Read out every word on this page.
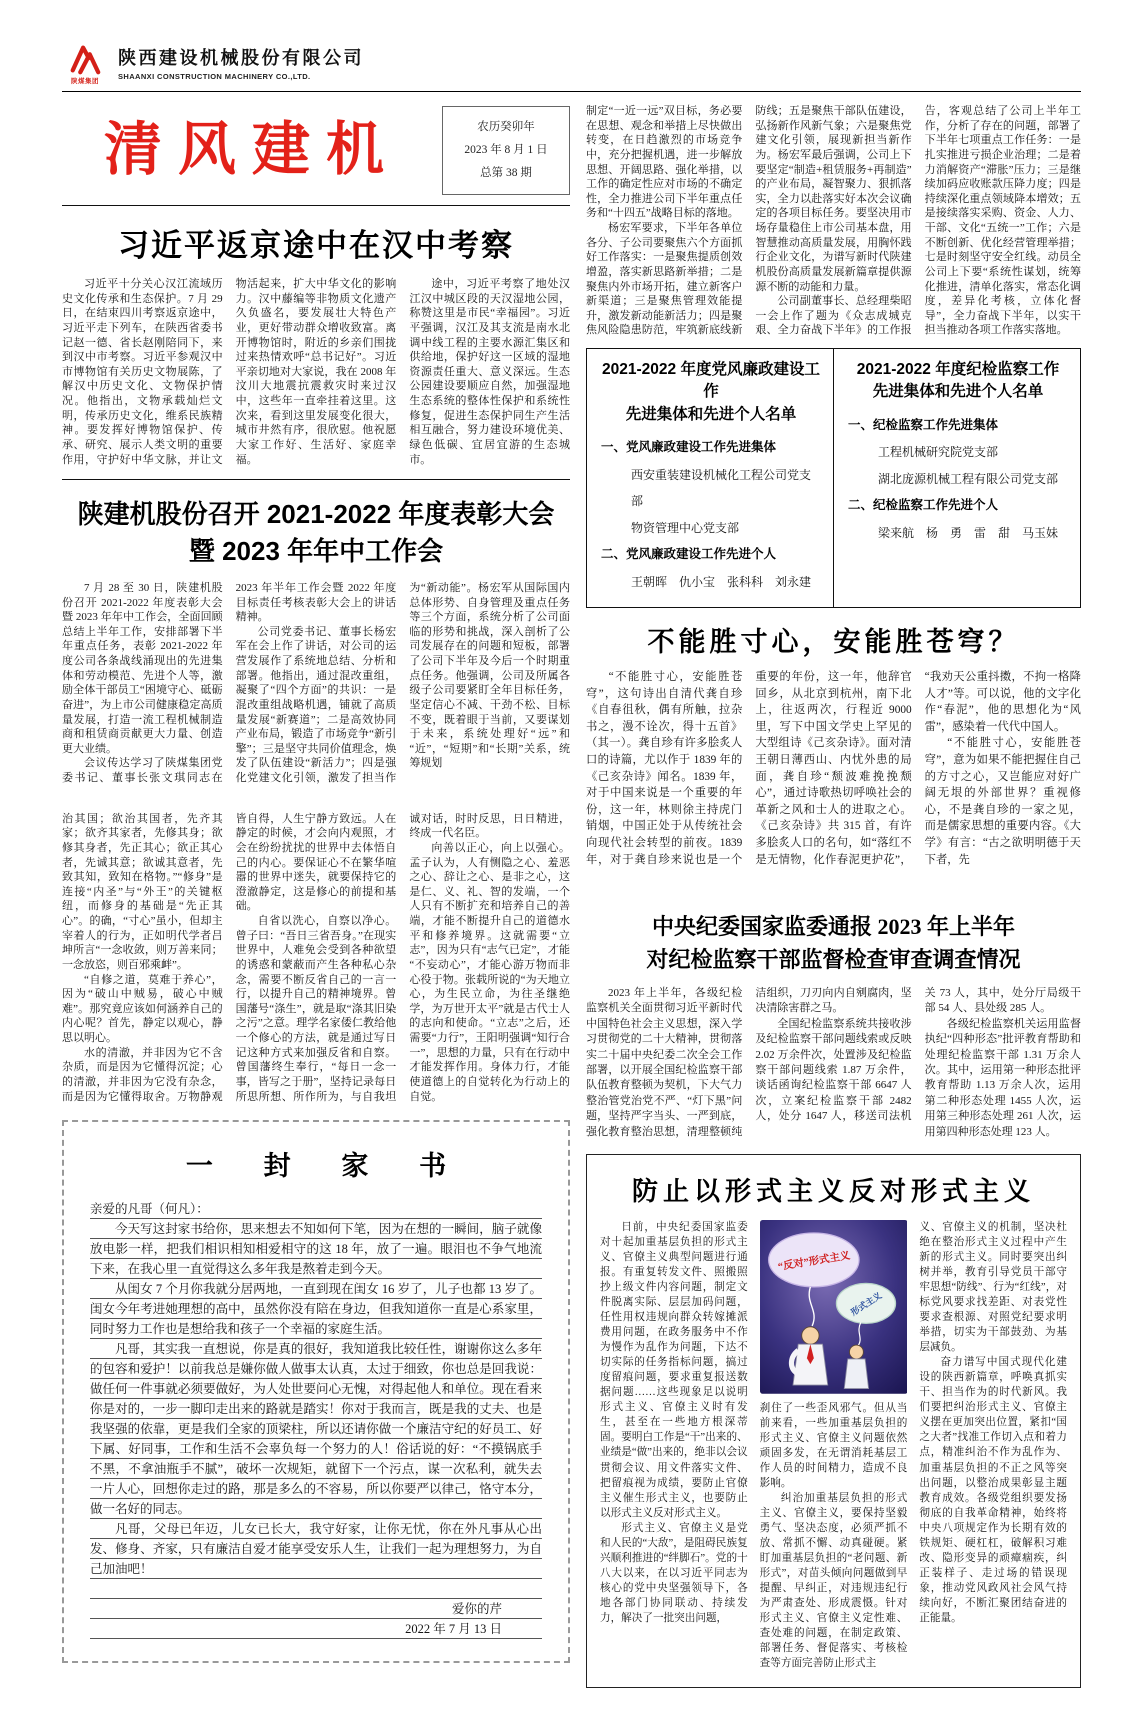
陕煤集团
陕西建设机械股份有限公司
SHAANXI CONSTRUCTION MACHINERY CO.,LTD.
清风建机	农历癸卯年
2023 年 8 月 1 日
总第 38 期
习近平返京途中在汉中考察

习近平十分关心汉江流域历史文化传承和生态保护。7 月 29 日，在结束四川考察返京途中，习近平走下列车，在陕西省委书记赵一德、省长赵刚陪同下，来到汉中市考察。习近平参观汉中市博物馆有关历史文物展陈，了解汉中历史文化、文物保护情况。他指出，文物承载灿烂文明，传承历史文化，维系民族精神。要发挥好博物馆保护、传承、研究、展示人类文明的重要作用，守护好中华文脉，并让文物活起来，扩大中华文化的影响力。汉中藤编等非物质文化遗产久负盛名，要发展壮大特色产业，更好带动群众增收致富。离开博物馆时，附近的乡亲们围拢过来热情欢呼“总书记好”。习近平亲切地对大家说，我在 2008 年汶川大地震抗震救灾时来过汉中，这些年一直牵挂着这里。这次来，看到这里发展变化很大，城市井然有序，很欣慰。他祝愿大家工作好、生活好、家庭幸福。

途中，习近平考察了地处汉江汉中城区段的天汉湿地公园，称赞这里是市民“幸福园”。习近平强调，汉江及其支流是南水北调中线工程的主要水源汇集区和供给地，保护好这一区域的湿地资源责任重大、意义深远。生态公园建设要顺应自然，加强湿地生态系统的整体性保护和系统性修复，促进生态保护同生产生活相互融合，努力建设环境优美、绿色低碳、宜居宜游的生态城市。

陕建机股份召开 2021-2022 年度表彰大会
暨 2023 年年中工作会

7 月 28 至 30 日，陕建机股份召开 2021-2022 年度表彰大会暨 2023 年年中工作会，全面回顾总结上半年工作，安排部署下半年重点任务，表彰 2021-2022 年度公司各条战线涌现出的先进集体和劳动模范、先进个人等，激励全体干部员工“困境守心、砥砺奋进”，为上市公司健康稳定高质量发展，打造一流工程机械制造商和租赁商贡献更大力量、创造更大业绩。

会议传达学习了陕煤集团党委书记、董事长张文琪同志在 2023 年半年工作会暨 2022 年度目标责任考核表彰大会上的讲话精神。

公司党委书记、董事长杨宏军在会上作了讲话，对公司的运营发展作了系统地总结、分析和部署。他指出，通过混改重组，凝聚了“四个方面”的共识：一是混改重组战略机遇，铺就了高质量发展“新赛道”；二是高效协同产业布局，锻造了市场竞争“新引擎”；三是坚守共同价值理念，焕发了队伍建设“新活力”；四是强化党建文化引领，激发了担当作为“新动能”。杨宏军从国际国内总体形势、自身管理及重点任务等三个方面，系统分析了公司面临的形势和挑战，深入剖析了公司发展存在的问题和短板，部署了公司下半年及今后一个时期重点任务。他强调，公司及所属各级子公司要紧盯全年目标任务，坚定信心不减、干劲不松、目标不变，既着眼于当前，又要谋划于未来，系统处理好“远”和“近”，“短期”和“长期”关系，统筹规划

治其国；欲治其国者，先齐其家；欲齐其家者，先修其身；欲修其身者，先正其心；欲正其心者，先诚其意；欲诚其意者，先致其知，致知在格物。”“修身”是连接“内圣”与“外王”的关键枢纽，而修身的基础是“先正其心”。的确，“寸心”虽小，但却主宰着人的行为，正如明代学者吕坤所言“一念收敛，则万善来同；一念放恣，则百邪乘衅”。

“自修之道，莫难于养心”，因为“破山中贼易，破心中贼难”。那究竟应该如何涵养自己的内心呢？首先，静定以观心，静思以明心。

水的清澈，并非因为它不含杂质，而是因为它懂得沉淀；心的清澈，并非因为它没有杂念，而是因为它懂得取舍。万物静观皆自得，人生宁静方致远。人在静定的时候，才会向内观照，才会在纷纷扰扰的世界中去体悟自己的内心。要保证心不在繁华喧嚣的世界中迷失，就要保持它的澄澈静定，这是修心的前提和基础。

自省以洗心，自察以净心。曾子曰：“吾日三省吾身。”在现实世界中，人难免会受到各种欲望的诱惑和蒙蔽而产生各种私心杂念，需要不断反省自己的一言一行，以提升自己的精神境界。曾国藩号“涤生”，就是取“涤其旧染之污”之意。理学名家倭仁教给他一个修心的方法，就是通过写日记这种方式来加强反省和自察。曾国藩终生奉行，“每日一念一事，皆写之于册”，坚持记录每日所思所想、所作所为，与自我坦诚对话，时时反思，日日精进，终成一代名臣。

向善以正心，向上以强心。孟子认为，人有恻隐之心、羞恶之心、辞让之心、是非之心，这是仁、义、礼、智的发端，一个人只有不断扩充和培养自己的善端，才能不断提升自己的道德水平和修养境界。这就需要“立志”，因为只有“志气已定”，才能“不妄动心”，才能心游万物而非心役于物。张载所说的“为天地立心，为生民立命，为往圣继绝学，为万世开太平”就是古代士人的志向和使命。“立志”之后，还需要“力行”，王阳明强调“知行合一”，思想的力量，只有在行动中才能发挥作用。身体力行，才能使道德上的自觉转化为行动上的自觉。

一 封 家 书

亲爱的凡哥（何凡）：

今天写这封家书给你，思来想去不知如何下笔，因为在想的一瞬间，脑子就像放电影一样，把我们相识相知相爱相守的这 18 年，放了一遍。眼泪也不争气地流下来，在我心里一直觉得这么多年我是熬着走到今天。

从闺女 7 个月你我就分居两地，一直到现在闺女 16 岁了，儿子也都 13 岁了。闺女今年考进她理想的高中，虽然你没有陪在身边，但我知道你一直是心系家里，同时努力工作也是想给我和孩子一个幸福的家庭生活。

凡哥，其实我一直想说，你是真的很好，我知道我比较任性，谢谢你这么多年的包容和爱护！以前我总是嫌你做人做事太认真，太过于细致，你也总是回我说：做任何一件事就必须要做好，为人处世要问心无愧，对得起他人和单位。现在看来你是对的，一步一脚印走出来的路就是踏实！你对于我而言，既是我的丈夫、也是我坚强的依靠，更是我们全家的顶梁柱，所以还请你做一个廉洁守纪的好员工、好下属、好同事，工作和生活不会辜负每一个努力的人！俗话说的好：“不摸锅底手不黑，不拿油瓶手不腻”，破坏一次规矩，就留下一个污点，谋一次私利，就失去一片人心，回想你走过的路，那是多么的不容易，所以你要严以律己，恪守本分，做一名好的同志。

凡哥，父母已年迈，儿女已长大，我守好家，让你无忧，你在外凡事从心出发、修身、齐家，只有廉洁自爱才能享受安乐人生，让我们一起为理想努力，为自己加油吧！

爱你的芹

2022 年 7 月 13 日

制定“一近一远”双目标，务必要在思想、观念和举措上尽快做出转变，在日趋激烈的市场竞争中，充分把握机遇，进一步解放思想、开阔思路、强化举措，以工作的确定性应对市场的不确定性，全力推进公司下半年重点任务和“十四五”战略目标的落地。

杨宏军要求，下半年各单位各分、子公司要聚焦六个方面抓好工作落实：一是聚焦提质创效增盈，落实新思路新举措；二是聚焦内外市场开拓，建立新客户新渠道；三是聚焦管理效能提升，激发新动能新活力；四是聚焦风险隐患防范，牢筑新底线新防线；五是聚焦干部队伍建设，弘扬新作风新气象；六是聚焦党建文化引领，展现新担当新作为。杨宏军最后强调，公司上下要坚定“制造+租赁服务+再制造”的产业布局，凝智聚力、狠抓落实，全力以赴落实好本次会议确定的各项目标任务。要坚决用市场存量稳住上市公司基本盘，用智慧推动高质量发展，用胸怀践行企业文化，为谱写新时代陕建机股份高质量发展新篇章提供源源不断的动能和力量。

公司副董事长、总经理柴昭一会上作了题为《众志成城克艰、全力奋战下半年》的工作报告，客观总结了公司上半年工作，分析了存在的问题，部署了下半年七项重点工作任务：一是扎实推进亏损企业治理；二是着力消解资产“滞胀”压力；三是继续加码应收账款压降力度；四是持续深化重点领域降本增效；五是接续落实采购、资金、人力、干部、文化“五统一”工作；六是不断创新、优化经营管理举措；七是时刻坚守安全红线。动员全公司上下要“系统性谋划，统筹化推进，清单化落实，常态化调度，差异化考核，立体化督导”，全力奋战下半年，以实干担当推动各项工作落实落地。

2021-2022 年度党风廉政建设工作
先进集体和先进个人名单
一、党风廉政建设工作先进集体
西安重装建设机械化工程公司党支部
物资管理中心党支部
二、党风廉政建设工作先进个人
王朝晖　仇小宝　张科科　刘永建
2021-2022 年度纪检监察工作
先进集体和先进个人名单
一、纪检监察工作先进集体
工程机械研究院党支部
湖北庞源机械工程有限公司党支部
二、纪检监察工作先进个人
梁来航　杨　勇　雷　甜　马玉妹
不能胜寸心，安能胜苍穹？

“不能胜寸心，安能胜苍穹”，这句诗出自清代龚自珍《自春徂秋，偶有所触，拉杂书之，漫不诠次，得十五首》（其一）。龚自珍有许多脍炙人口的诗篇，尤以作于 1839 年的《己亥杂诗》闻名。1839 年，对于中国来说是一个重要的年份，这一年，林则徐主持虎门销烟，中国正处于从传统社会向现代社会转型的前夜。1839 年，对于龚自珍来说也是一个重要的年份，这一年，他辞官回乡，从北京到杭州，南下北上，往返两次，行程近 9000 里，写下中国文学史上罕见的大型组诗《己亥杂诗》。面对清王朝日薄西山、内忧外患的局面，龚自珍“颓波难挽挽颓心”，通过诗歌热切呼唤社会的革新之风和士人的进取之心。《己亥杂诗》共 315 首，有许多脍炙人口的名句，如“落红不是无情物，化作春泥更护花”，“我劝天公重抖擞，不拘一格降人才”等。可以说，他的文字化作“春泥”，他的思想化为“风雷”，感染着一代代中国人。

“不能胜寸心，安能胜苍穹”，意为如果不能把握住自己的方寸之心，又岂能应对好广阔无垠的外部世界？重视修心，不是龚自珍的一家之见，而是儒家思想的重要内容。《大学》有言：“古之欲明明德于天下者，先

中央纪委国家监委通报 2023 年上半年
对纪检监察干部监督检查审查调查情况

2023 年上半年，各级纪检监察机关全面贯彻习近平新时代中国特色社会主义思想，深入学习贯彻党的二十大精神，贯彻落实二十届中央纪委二次全会工作部署，以开展全国纪检监察干部队伍教育整顿为契机，下大气力整治管党治党不严、“灯下黑”问题，坚持严字当头、一严到底，强化教育整治思想，清理整顿纯洁组织，刀刃向内自剜腐肉，坚决清除害群之马。

全国纪检监察系统共接收涉及纪检监察干部问题线索或反映 2.02 万余件次，处置涉及纪检监察干部问题线索 1.87 万余件，谈话函询纪检监察干部 6647 人次，立案纪检监察干部 2482 人，处分 1647 人，移送司法机关 73 人，其中，处分厅局级干部 54 人、县处级 285 人。

各级纪检监察机关运用监督执纪“四种形态”批评教育帮助和处理纪检监察干部 1.31 万余人次。其中，运用第一种形态批评教育帮助 1.13 万余人次，运用第二种形态处理 1455 人次，运用第三种形态处理 261 人次，运用第四种形态处理 123 人。

防止以形式主义反对形式主义

日前，中央纪委国家监委对十起加重基层负担的形式主义、官僚主义典型问题进行通报。有重复转发文件、照搬照抄上级文件内容问题，制定文件脱离实际、层层加码问题，任性用权违规向群众转嫁摊派费用问题，在政务服务中不作为慢作为乱作为问题，下达不切实际的任务指标问题，搞过度留痕问题，要求重复报送数据问题……这些现象足以说明形式主义、官僚主义时有发生，甚至在一些地方根深蒂固。要明白工作是“干”出来的、业绩是“做”出来的，绝非以会议贯彻会议、用文件落实文件、把留痕视为成绩，要防止官僚主义催生形式主义，也要防止以形式主义反对形式主义。

形式主义、官僚主义是党和人民的“大敌”，是阻碍民族复兴顺利推进的“绊脚石”。党的十八大以来，在以习近平同志为核心的党中央坚强领导下，各地各部门协同联动、持续发力，解决了一批突出问题，

“反对”形式主义
形式主义

刹住了一些歪风邪气。但从当前来看，一些加重基层负担的形式主义、官僚主义问题依然顽固多发，在无谓消耗基层工作人员的时间精力，造成不良影响。

纠治加重基层负担的形式主义、官僚主义，要保持坚毅勇气、坚决态度，必须严抓不放、常抓不懈、动真碰硬。紧盯加重基层负担的“老问题、新形式”，对苗头倾向问题做到早提醒、早纠正，对违规违纪行为严肃查处、形成震慑。针对形式主义、官僚主义定性难、查处难的问题，在制定政策、部署任务、督促落实、考核检查等方面完善防止形式主

义、官僚主义的机制，坚决杜绝在整治形式主义过程中产生新的形式主义。同时要突出纠树并举，教育引导党员干部守牢思想“防线”、行为“红线”，对标党风要求找差距、对表党性要求查根源、对照党纪要求明举措，切实为干部鼓劲、为基层减负。

奋力谱写中国式现代化建设的陕西新篇章，呼唤真抓实干、担当作为的时代新风。我们要把纠治形式主义、官僚主义摆在更加突出位置，紧扣“国之大者”找准工作切入点和着力点，精准纠治不作为乱作为、加重基层负担的不正之风等突出问题，以整治成果彰显主题教育成效。各级党组织要发扬彻底的自我革命精神，始终将中央八项规定作为长期有效的铁规矩、硬杠杠，破解积习难改、隐形变异的顽瘴痼疾，纠正装样子、走过场的错误现象，推动党风政风社会风气持续向好，不断汇聚团结奋进的正能量。
